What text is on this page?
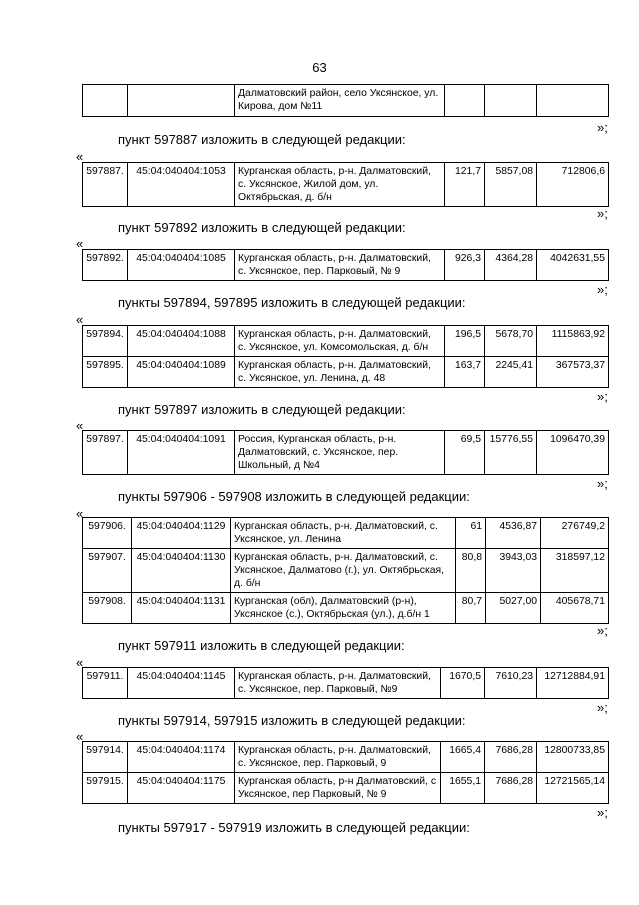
63
		Далматовский район, село Уксянское, ул. Кирова, дом №11			
»;
пункт 597887 изложить в следующей редакции:
«
597887.	45:04:040404:1053	Курганская область, р-н. Далматовский, с. Уксянское, Жилой дом, ул. Октябрьская, д. б/н	121,7	5857,08	712806,6
»;
пункт 597892 изложить в следующей редакции:
«
597892.	45:04:040404:1085	Курганская область, р-н. Далматовский, с. Уксянское, пер. Парковый, № 9	926,3	4364,28	4042631,55
»;
пункты 597894, 597895 изложить в следующей редакции:
«
597894.	45:04:040404:1088	Курганская область, р-н. Далматовский, с. Уксянское, ул. Комсомольская, д. б/н	196,5	5678,70	1115863,92
597895.	45:04:040404:1089	Курганская область, р-н. Далматовский, с. Уксянское, ул. Ленина, д. 48	163,7	2245,41	367573,37
»;
пункт 597897 изложить в следующей редакции:
«
597897.	45:04:040404:1091	Россия, Курганская область, р-н. Далматовский, с. Уксянское, пер. Школьный, д №4	69,5	15776,55	1096470,39
»;
пункты 597906 - 597908 изложить в следующей редакции:
«
597906.	45:04:040404:1129	Курганская область, р-н. Далматовский, с. Уксянское, ул. Ленина	61	4536,87	276749,2
597907.	45:04:040404:1130	Курганская область, р-н. Далматовский, с. Уксянское, Далматово (г.), ул. Октябрьская, д. б/н	80,8	3943,03	318597,12
597908.	45:04:040404:1131	Курганская (обл), Далматовский (р-н), Уксянское (с.), Октябрьская (ул.), д.б/н 1	80,7	5027,00	405678,71
»;
пункт 597911 изложить в следующей редакции:
«
597911.	45:04:040404:1145	Курганская область, р-н. Далматовский, с. Уксянское, пер. Парковый, №9	1670,5	7610,23	12712884,91
»;
пункты 597914, 597915 изложить в следующей редакции:
«
597914.	45:04:040404:1174	Курганская область, р-н. Далматовский, с. Уксянское, пер. Парковый, 9	1665,4	7686,28	12800733,85
597915.	45:04:040404:1175	Курганская область, р-н Далматовский, с Уксянское, пер Парковый, № 9	1655,1	7686,28	12721565,14
»;
пункты 597917 - 597919 изложить в следующей редакции:
